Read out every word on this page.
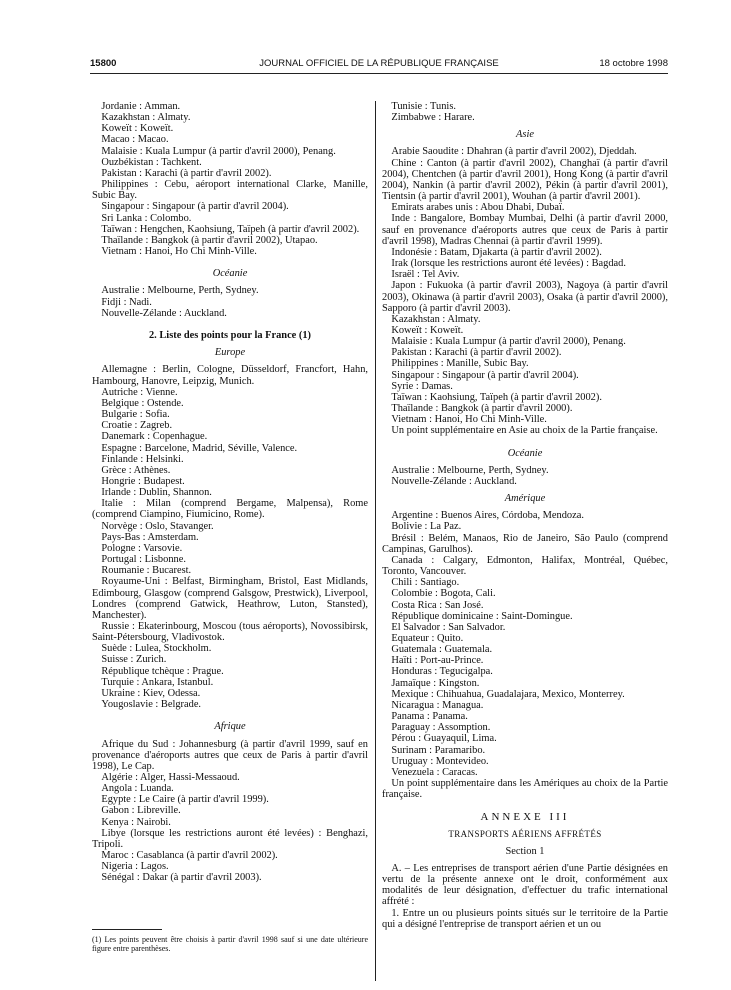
15800	JOURNAL OFFICIEL DE LA RÉPUBLIQUE FRANÇAISE	18 octobre 1998
Jordanie : Amman.
Kazakhstan : Almaty.
Koweït : Koweït.
Macao : Macao.
Malaisie : Kuala Lumpur (à partir d'avril 2000), Penang.
Ouzbékistan : Tachkent.
Pakistan : Karachi (à partir d'avril 2002).
Philippines : Cebu, aéroport international Clarke, Manille, Subic Bay.
Singapour : Singapour (à partir d'avril 2004).
Sri Lanka : Colombo.
Taïwan : Hengchen, Kaohsiung, Taïpeh (à partir d'avril 2002).
Thaïlande : Bangkok (à partir d'avril 2002), Utapao.
Vietnam : Hanoi, Ho Chi Minh-Ville.
Océanie
Australie : Melbourne, Perth, Sydney.
Fidji : Nadi.
Nouvelle-Zélande : Auckland.
2. Liste des points pour la France (1)
Europe
Allemagne : Berlin, Cologne, Düsseldorf, Francfort, Hahn, Hambourg, Hanovre, Leipzig, Munich.
Autriche : Vienne.
Belgique : Ostende.
Bulgarie : Sofia.
Croatie : Zagreb.
Danemark : Copenhague.
Espagne : Barcelone, Madrid, Séville, Valence.
Finlande : Helsinki.
Grèce : Athènes.
Hongrie : Budapest.
Irlande : Dublin, Shannon.
Italie : Milan (comprend Bergame, Malpensa), Rome (comprend Ciampino, Fiumicino, Rome).
Norvège : Oslo, Stavanger.
Pays-Bas : Amsterdam.
Pologne : Varsovie.
Portugal : Lisbonne.
Roumanie : Bucarest.
Royaume-Uni : Belfast, Birmingham, Bristol, East Midlands, Edimbourg, Glasgow (comprend Galsgow, Prestwick), Liverpool, Londres (comprend Gatwick, Heathrow, Luton, Stansted), Manchester).
Russie : Ekaterinbourg, Moscou (tous aéroports), Novossibirsk, Saint-Pétersbourg, Vladivostok.
Suède : Lulea, Stockholm.
Suisse : Zurich.
République tchèque : Prague.
Turquie : Ankara, Istanbul.
Ukraine : Kiev, Odessa.
Yougoslavie : Belgrade.
Afrique
Afrique du Sud : Johannesburg (à partir d'avril 1999, sauf en provenance d'aéroports autres que ceux de Paris à partir d'avril 1998), Le Cap.
Algérie : Alger, Hassi-Messaoud.
Angola : Luanda.
Egypte : Le Caire (à partir d'avril 1999).
Gabon : Libreville.
Kenya : Nairobi.
Libye (lorsque les restrictions auront été levées) : Benghazi, Tripoli.
Maroc : Casablanca (à partir d'avril 2002).
Nigeria : Lagos.
Sénégal : Dakar (à partir d'avril 2003).
Tunisie : Tunis.
Zimbabwe : Harare.
Asie
Arabie Saoudite : Dhahran (à partir d'avril 2002), Djeddah.
Chine : Canton (à partir d'avril 2002), Changhaï (à partir d'avril 2004), Chentchen (à partir d'avril 2001), Hong Kong (à partir d'avril 2004), Nankin (à partir d'avril 2002), Pékin (à partir d'avril 2001), Tientsin (à partir d'avril 2001), Wouhan (à partir d'avril 2001).
Emirats arabes unis : Abou Dhabi, Dubaï.
Inde : Bangalore, Bombay Mumbai, Delhi (à partir d'avril 2000, sauf en provenance d'aéroports autres que ceux de Paris à partir d'avril 1998), Madras Chennai (à partir d'avril 1999).
Indonésie : Batam, Djakarta (à partir d'avril 2002).
Irak (lorsque les restrictions auront été levées) : Bagdad.
Israël : Tel Aviv.
Japon : Fukuoka (à partir d'avril 2003), Nagoya (à partir d'avril 2003), Okinawa (à partir d'avril 2003), Osaka (à partir d'avril 2000), Sapporo (à partir d'avril 2003).
Kazakhstan : Almaty.
Koweït : Koweït.
Malaisie : Kuala Lumpur (à partir d'avril 2000), Penang.
Pakistan : Karachi (à partir d'avril 2002).
Philippines : Manille, Subic Bay.
Singapour : Singapour (à partir d'avril 2004).
Syrie : Damas.
Taïwan : Kaohsiung, Taïpeh (à partir d'avril 2002).
Thaïlande : Bangkok (à partir d'avril 2000).
Vietnam : Hanoi, Ho Chi Minh-Ville.
Un point supplémentaire en Asie au choix de la Partie française.
Océanie
Australie : Melbourne, Perth, Sydney.
Nouvelle-Zélande : Auckland.
Amérique
Argentine : Buenos Aires, Córdoba, Mendoza.
Bolivie : La Paz.
Brésil : Belém, Manaos, Rio de Janeiro, São Paulo (comprend Campinas, Garulhos).
Canada : Calgary, Edmonton, Halifax, Montréal, Québec, Toronto, Vancouver.
Chili : Santiago.
Colombie : Bogota, Cali.
Costa Rica : San José.
République dominicaine : Saint-Domingue.
El Salvador : San Salvador.
Equateur : Quito.
Guatemala : Guatemala.
Haïti : Port-au-Prince.
Honduras : Tegucigalpa.
Jamaïque : Kingston.
Mexique : Chihuahua, Guadalajara, Mexico, Monterrey.
Nicaragua : Managua.
Panama : Panama.
Paraguay : Assomption.
Pérou : Guayaquil, Lima.
Surinam : Paramaribo.
Uruguay : Montevideo.
Venezuela : Caracas.
Un point supplémentaire dans les Amériques au choix de la Partie française.
ANNEXE III
TRANSPORTS AÉRIENS AFFRÉTÉS
Section 1
A. – Les entreprises de transport aérien d'une Partie désignées en vertu de la présente annexe ont le droit, conformément aux modalités de leur désignation, d'effectuer du trafic international affrété :
1. Entre un ou plusieurs points situés sur le territoire de la Partie qui a désigné l'entreprise de transport aérien et un ou
(1) Les points peuvent être choisis à partir d'avril 1998 sauf si une date ultérieure figure entre parenthèses.
